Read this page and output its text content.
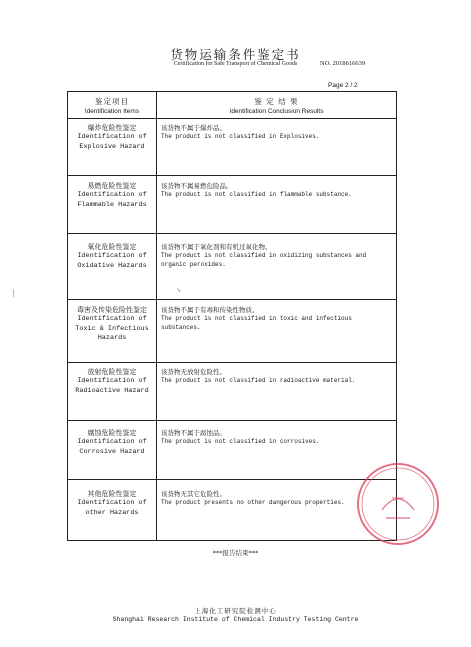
货物运输条件鉴定书
Certification for Safe Transport of Chemical Goods	NO. 2018616639
Page 2 / 2
鉴定项目
Identification Items
鉴 定 结 果
Identification Conclusion Results
爆炸危险性鉴定
Identification of
Explosive Hazard
该货物不属于爆炸品。
The product is not classified in Explosives.
易燃危险性鉴定
Identification of
Flammable Hazards
该货物不属易燃危险品。
The product is not classified in flammable substance.
氧化危险性鉴定
Identification of
Oxidative Hazards
该货物不属于氧化剂和有机过氧化物。
The product is not classified in oxidizing substances and organic peroxides.
毒害及传染危险性鉴定
Identification of
Toxic & Infectious
Hazards
该货物不属于有毒和传染性物质。
The product is not classified in toxic and infectious substances.
放射危险性鉴定
Identification of
Radioactive Hazard
该货物无放射危险性。
The product is not classified in radioactive material.
腐蚀危险性鉴定
Identification of
Corrosive Hazard
该货物不属于腐蚀品。
The product is not classified in corrosives.
其他危险性鉴定
Identification of
other Hazards
该货物无其它危险性。
The product presents no other dangerous properties.
↘
***报告结束***
上海化工研究院检测中心
Shanghai Research Institute of Chemical Industry Testing Centre
